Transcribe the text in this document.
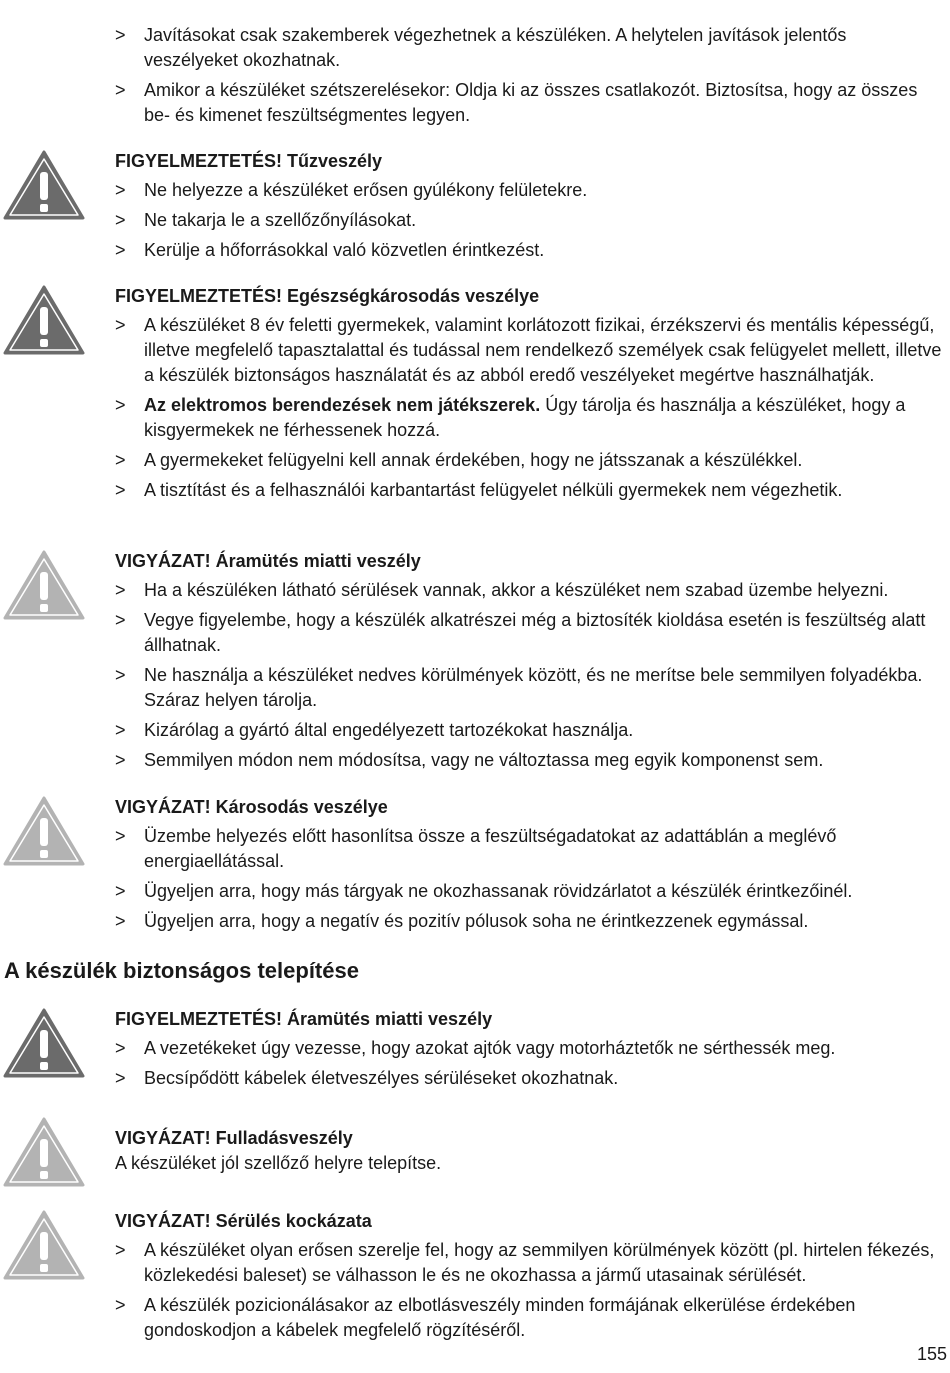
> Javításokat csak szakemberek végezhetnek a készüléken. A helytelen javítások jelentős veszélyeket okozhatnak.
> Amikor a készüléket szétszerelésekor: Oldja ki az összes csatlakozót. Biztosítsa, hogy az összes be- és kimenet feszültségmentes legyen.

FIGYELMEZTETÉS! Tűzveszély

> Ne helyezze a készüléket erősen gyúlékony felületekre.
> Ne takarja le a szellőzőnyílásokat.
> Kerülje a hőforrásokkal való közvetlen érintkezést.

FIGYELMEZTETÉS! Egészségkárosodás veszélye

> A készüléket 8 év feletti gyermekek, valamint korlátozott fizikai, érzékszervi és mentális képességű, illetve megfelelő tapasztalattal és tudással nem rendelkező személyek csak felügyelet mellett, illetve a készülék biztonságos használatát és az abból eredő veszélyeket megértve használhatják.
> Az elektromos berendezések nem játékszerek. Úgy tárolja és használja a készüléket, hogy a kisgyermekek ne férhessenek hozzá.
> A gyermekeket felügyelni kell annak érdekében, hogy ne játsszanak a készülékkel.
> A tisztítást és a felhasználói karbantartást felügyelet nélküli gyermekek nem végezhetik.

VIGYÁZAT! Áramütés miatti veszély

> Ha a készüléken látható sérülések vannak, akkor a készüléket nem szabad üzembe helyezni.
> Vegye figyelembe, hogy a készülék alkatrészei még a biztosíték kioldása esetén is feszültség alatt állhatnak.
> Ne használja a készüléket nedves körülmények között, és ne merítse bele semmilyen folyadékba. Száraz helyen tárolja.
> Kizárólag a gyártó által engedélyezett tartozékokat használja.
> Semmilyen módon nem módosítsa, vagy ne változtassa meg egyik komponenst sem.

VIGYÁZAT! Károsodás veszélye

> Üzembe helyezés előtt hasonlítsa össze a feszültségadatokat az adattáblán a meglévő energiaellátással.
> Ügyeljen arra, hogy más tárgyak ne okozhassanak rövidzárlatot a készülék érintkezőinél.
> Ügyeljen arra, hogy a negatív és pozitív pólusok soha ne érintkezzenek egymással.
A készülék biztonságos telepítése

FIGYELMEZTETÉS! Áramütés miatti veszély

> A vezetékeket úgy vezesse, hogy azokat ajtók vagy motorháztetők ne sérthessék meg.
> Becsípődött kábelek életveszélyes sérüléseket okozhatnak.

VIGYÁZAT! Fulladásveszély

A készüléket jól szellőző helyre telepítse.

VIGYÁZAT! Sérülés kockázata

> A készüléket olyan erősen szerelje fel, hogy az semmilyen körülmények között (pl. hirtelen fékezés, közlekedési baleset) se válhasson le és ne okozhassa a jármű utasainak sérülését.
> A készülék pozicionálásakor az elbotlásveszély minden formájának elkerülése érdekében gondoskodjon a kábelek megfelelő rögzítéséről.
155
